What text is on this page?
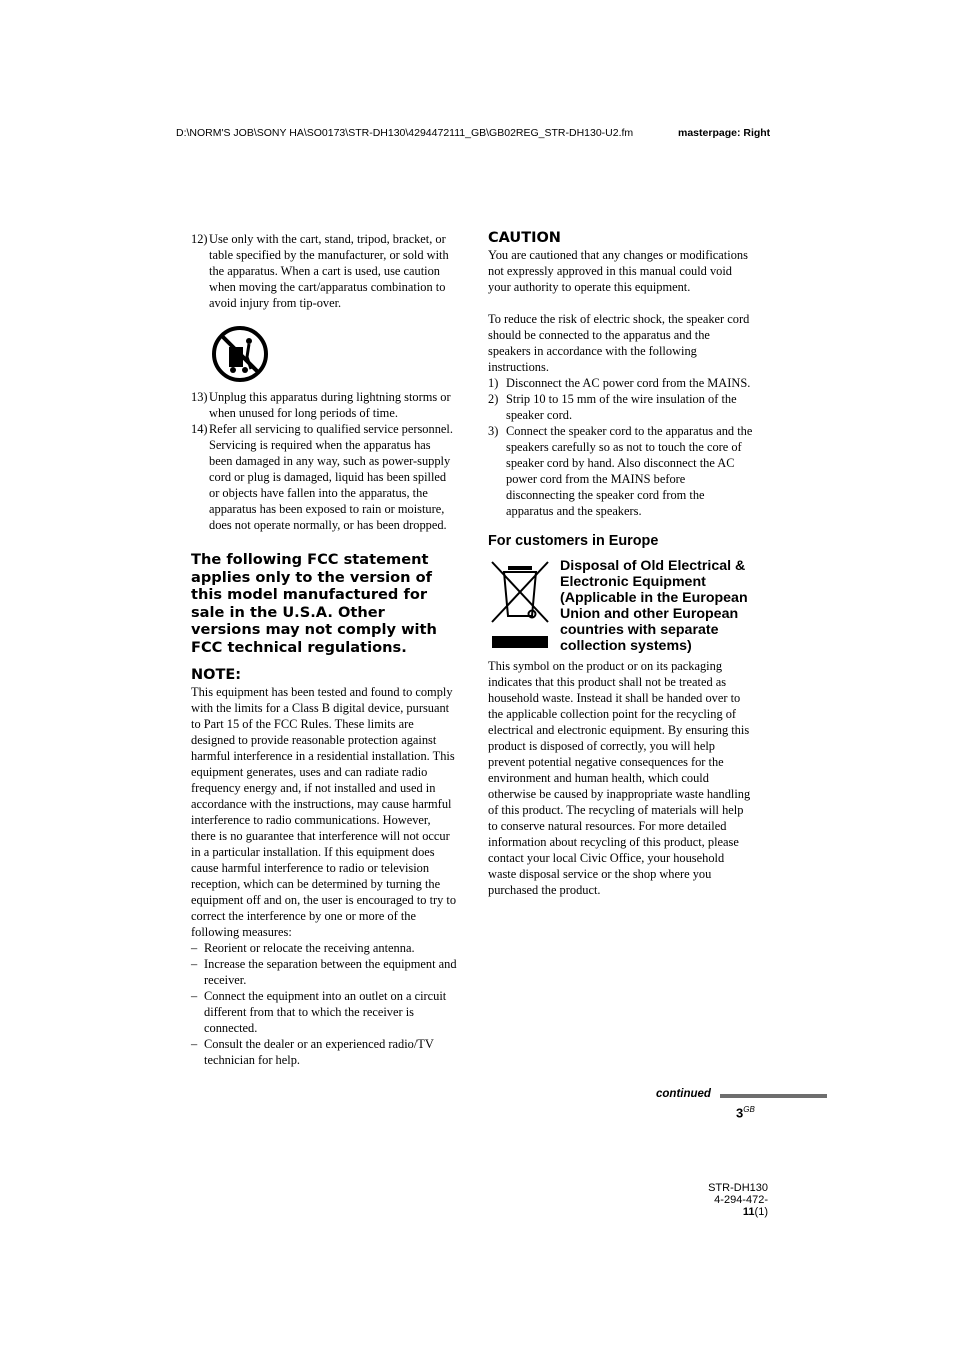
D:\NORM'S JOB\SONY HA\SO0173\STR-DH130\4294472111_GB\GB02REG_STR-DH130-U2.fm	masterpage: Right
12) Use only with the cart, stand, tripod, bracket, or table specified by the manufacturer, or sold with the apparatus. When a cart is used, use caution when moving the cart/apparatus combination to avoid injury from tip-over.
13) Unplug this apparatus during lightning storms or when unused for long periods of time.
14) Refer all servicing to qualified service personnel. Servicing is required when the apparatus has been damaged in any way, such as power-supply cord or plug is damaged, liquid has been spilled or objects have fallen into the apparatus, the apparatus has been exposed to rain or moisture, does not operate normally, or has been dropped.
The following FCC statement applies only to the version of this model manufactured for sale in the U.S.A. Other versions may not comply with FCC technical regulations.
NOTE:

This equipment has been tested and found to comply with the limits for a Class B digital device, pursuant to Part 15 of the FCC Rules. These limits are designed to provide reasonable protection against harmful interference in a residential installation. This equipment generates, uses and can radiate radio frequency energy and, if not installed and used in accordance with the instructions, may cause harmful interference to radio communications. However, there is no guarantee that interference will not occur in a particular installation. If this equipment does cause harmful interference to radio or television reception, which can be determined by turning the equipment off and on, the user is encouraged to try to correct the interference by one or more of the following measures:

– Reorient or relocate the receiving antenna.
– Increase the separation between the equipment and receiver.
– Connect the equipment into an outlet on a circuit different from that to which the receiver is connected.
– Consult the dealer or an experienced radio/TV technician for help.
CAUTION

You are cautioned that any changes or modifications not expressly approved in this manual could void your authority to operate this equipment.

To reduce the risk of electric shock, the speaker cord should be connected to the apparatus and the speakers in accordance with the following instructions.

1) Disconnect the AC power cord from the MAINS.
2) Strip 10 to 15 mm of the wire insulation of the speaker cord.
3) Connect the speaker cord to the apparatus and the speakers carefully so as not to touch the core of speaker cord by hand. Also disconnect the AC power cord from the MAINS before disconnecting the speaker cord from the apparatus and the speakers.
For customers in Europe
Disposal of Old Electrical & Electronic Equipment (Applicable in the European Union and other European countries with separate collection systems)

This symbol on the product or on its packaging indicates that this product shall not be treated as household waste. Instead it shall be handed over to the applicable collection point for the recycling of electrical and electronic equipment. By ensuring this product is disposed of correctly, you will help prevent potential negative consequences for the environment and human health, which could otherwise be caused by inappropriate waste handling of this product. The recycling of materials will help to conserve natural resources. For more detailed information about recycling of this product, please contact your local Civic Office, your household waste disposal service or the shop where you purchased the product.

continued
$3^{GB}$
STR-DH130
4-294-472-11(1)
